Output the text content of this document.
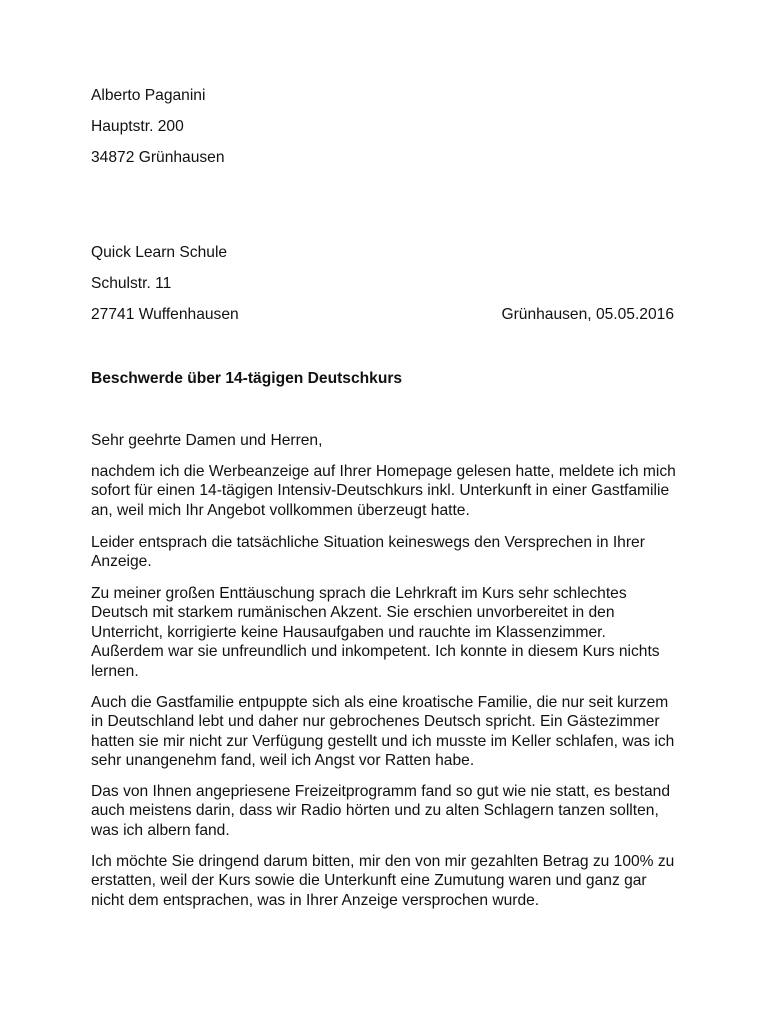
Alberto Paganini
Hauptstr. 200
34872 Grünhausen
Quick Learn Schule
Schulstr. 11
27741 Wuffenhausen	Grünhausen, 05.05.2016
Beschwerde über 14-tägigen Deutschkurs
Sehr geehrte Damen und Herren,
nachdem ich die Werbeanzeige auf Ihrer Homepage gelesen hatte, meldete ich mich
sofort für einen 14-tägigen Intensiv-Deutschkurs inkl. Unterkunft in einer Gastfamilie
an, weil mich Ihr Angebot vollkommen überzeugt hatte.
Leider entsprach die tatsächliche Situation keineswegs den Versprechen in Ihrer
Anzeige.
Zu meiner großen Enttäuschung sprach die Lehrkraft im Kurs sehr schlechtes
Deutsch mit starkem rumänischen Akzent. Sie erschien unvorbereitet in den
Unterricht, korrigierte keine Hausaufgaben und rauchte im Klassenzimmer.
Außerdem war sie unfreundlich und inkompetent. Ich konnte in diesem Kurs nichts
lernen.
Auch die Gastfamilie entpuppte sich als eine kroatische Familie, die nur seit kurzem
in Deutschland lebt und daher nur gebrochenes Deutsch spricht. Ein Gästezimmer
hatten sie mir nicht zur Verfügung gestellt und ich musste im Keller schlafen, was ich
sehr unangenehm fand, weil ich Angst vor Ratten habe.
Das von Ihnen angepriesene Freizeitprogramm fand so gut wie nie statt, es bestand
auch meistens darin, dass wir Radio hörten und zu alten Schlagern tanzen sollten,
was ich albern fand.
Ich möchte Sie dringend darum bitten, mir den von mir gezahlten Betrag zu 100% zu
erstatten, weil der Kurs sowie die Unterkunft eine Zumutung waren und ganz gar
nicht dem entsprachen, was in Ihrer Anzeige versprochen wurde.
